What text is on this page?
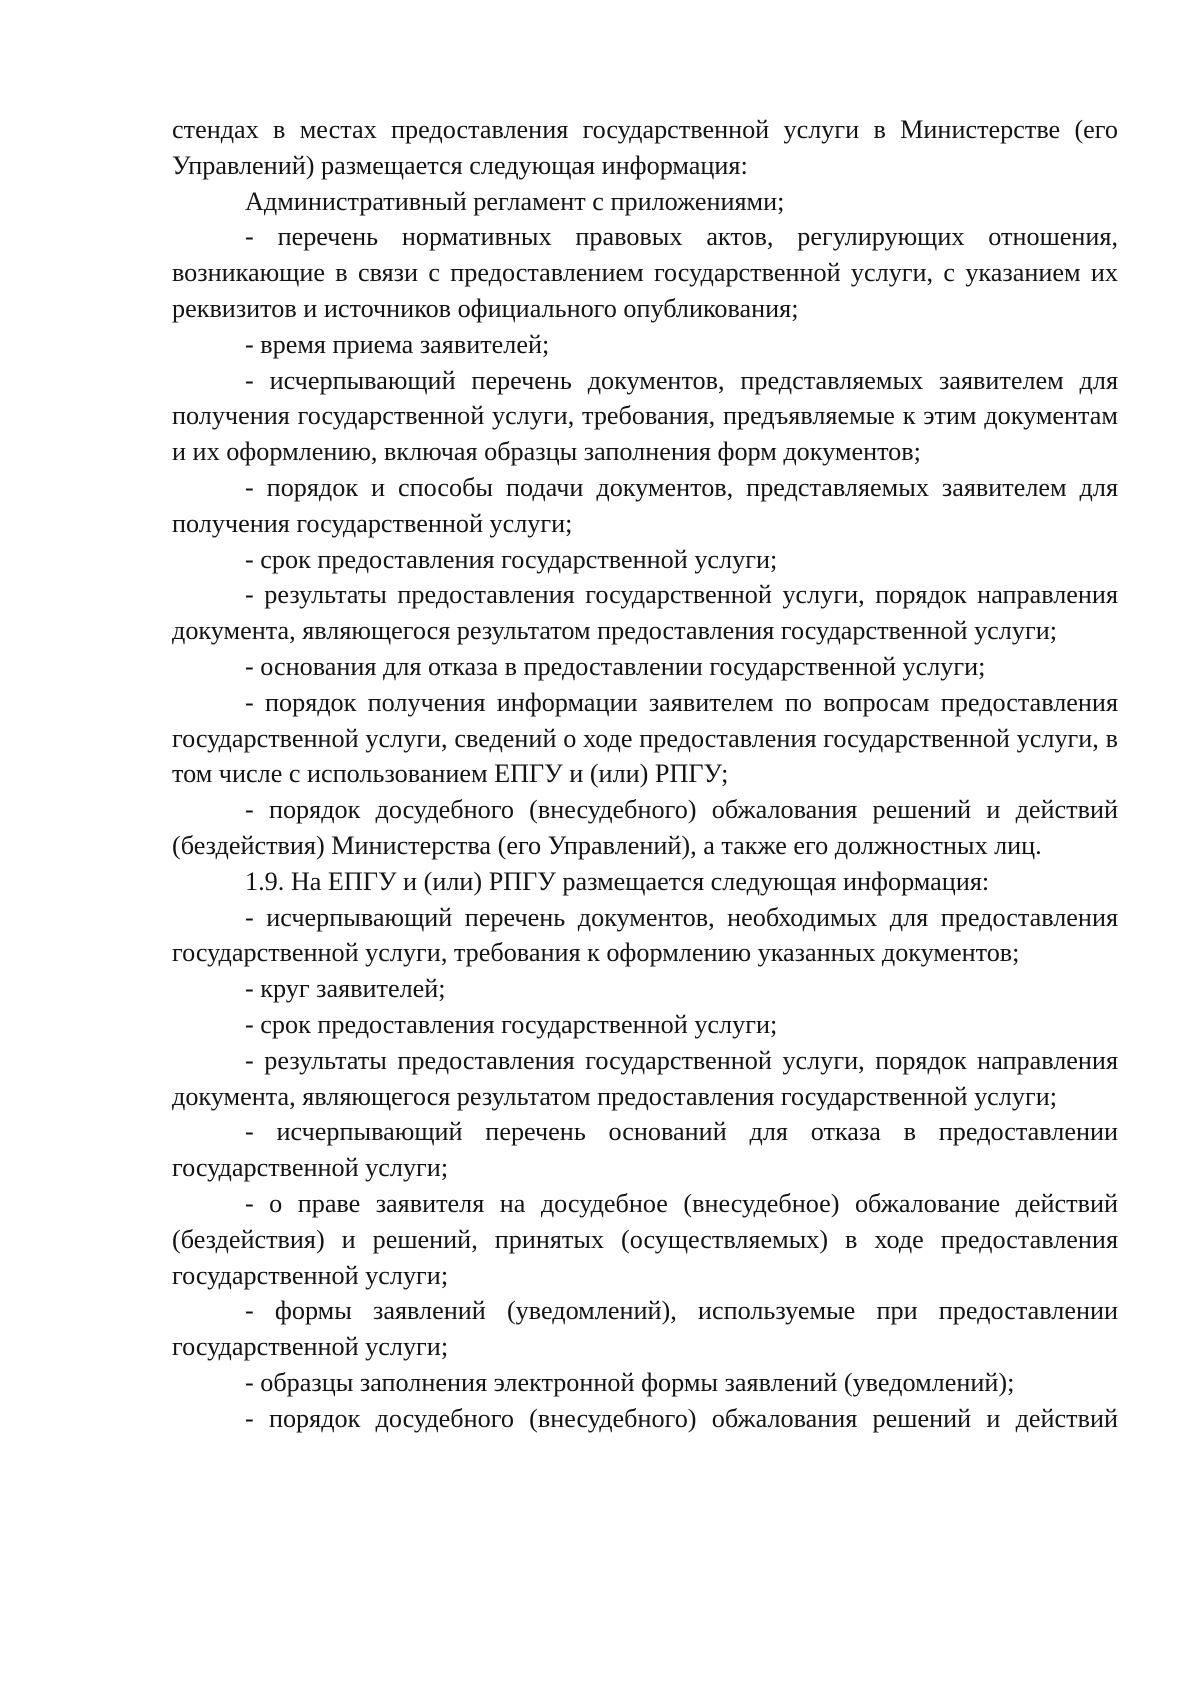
стендах в местах предоставления государственной услуги в Министерстве (его Управлений) размещается следующая информация:

Административный регламент с приложениями;

- перечень нормативных правовых актов, регулирующих отношения, возникающие в связи с предоставлением государственной услуги, с указанием их реквизитов и источников официального опубликования;

- время приема заявителей;

- исчерпывающий перечень документов, представляемых заявителем для получения государственной услуги, требования, предъявляемые к этим документам и их оформлению, включая образцы заполнения форм документов;

- порядок и способы подачи документов, представляемых заявителем для получения государственной услуги;

- срок предоставления государственной услуги;

- результаты предоставления государственной услуги, порядок направления документа, являющегося результатом предоставления государственной услуги;

- основания для отказа в предоставлении государственной услуги;

- порядок получения информации заявителем по вопросам предоставления государственной услуги, сведений о ходе предоставления государственной услуги, в том числе с использованием ЕПГУ и (или) РПГУ;

- порядок досудебного (внесудебного) обжалования решений и действий (бездействия) Министерства (его Управлений), а также его должностных лиц.

1.9. На ЕПГУ и (или) РПГУ размещается следующая информация:

- исчерпывающий перечень документов, необходимых для предоставления государственной услуги, требования к оформлению указанных документов;

- круг заявителей;

- срок предоставления государственной услуги;

- результаты предоставления государственной услуги, порядок направления документа, являющегося результатом предоставления государственной услуги;

- исчерпывающий перечень оснований для отказа в предоставлении государственной услуги;

- о праве заявителя на досудебное (внесудебное) обжалование действий (бездействия) и решений, принятых (осуществляемых) в ходе предоставления государственной услуги;

- формы заявлений (уведомлений), используемые при предоставлении государственной услуги;

- образцы заполнения электронной формы заявлений (уведомлений);

- порядок досудебного (внесудебного) обжалования решений и действий
